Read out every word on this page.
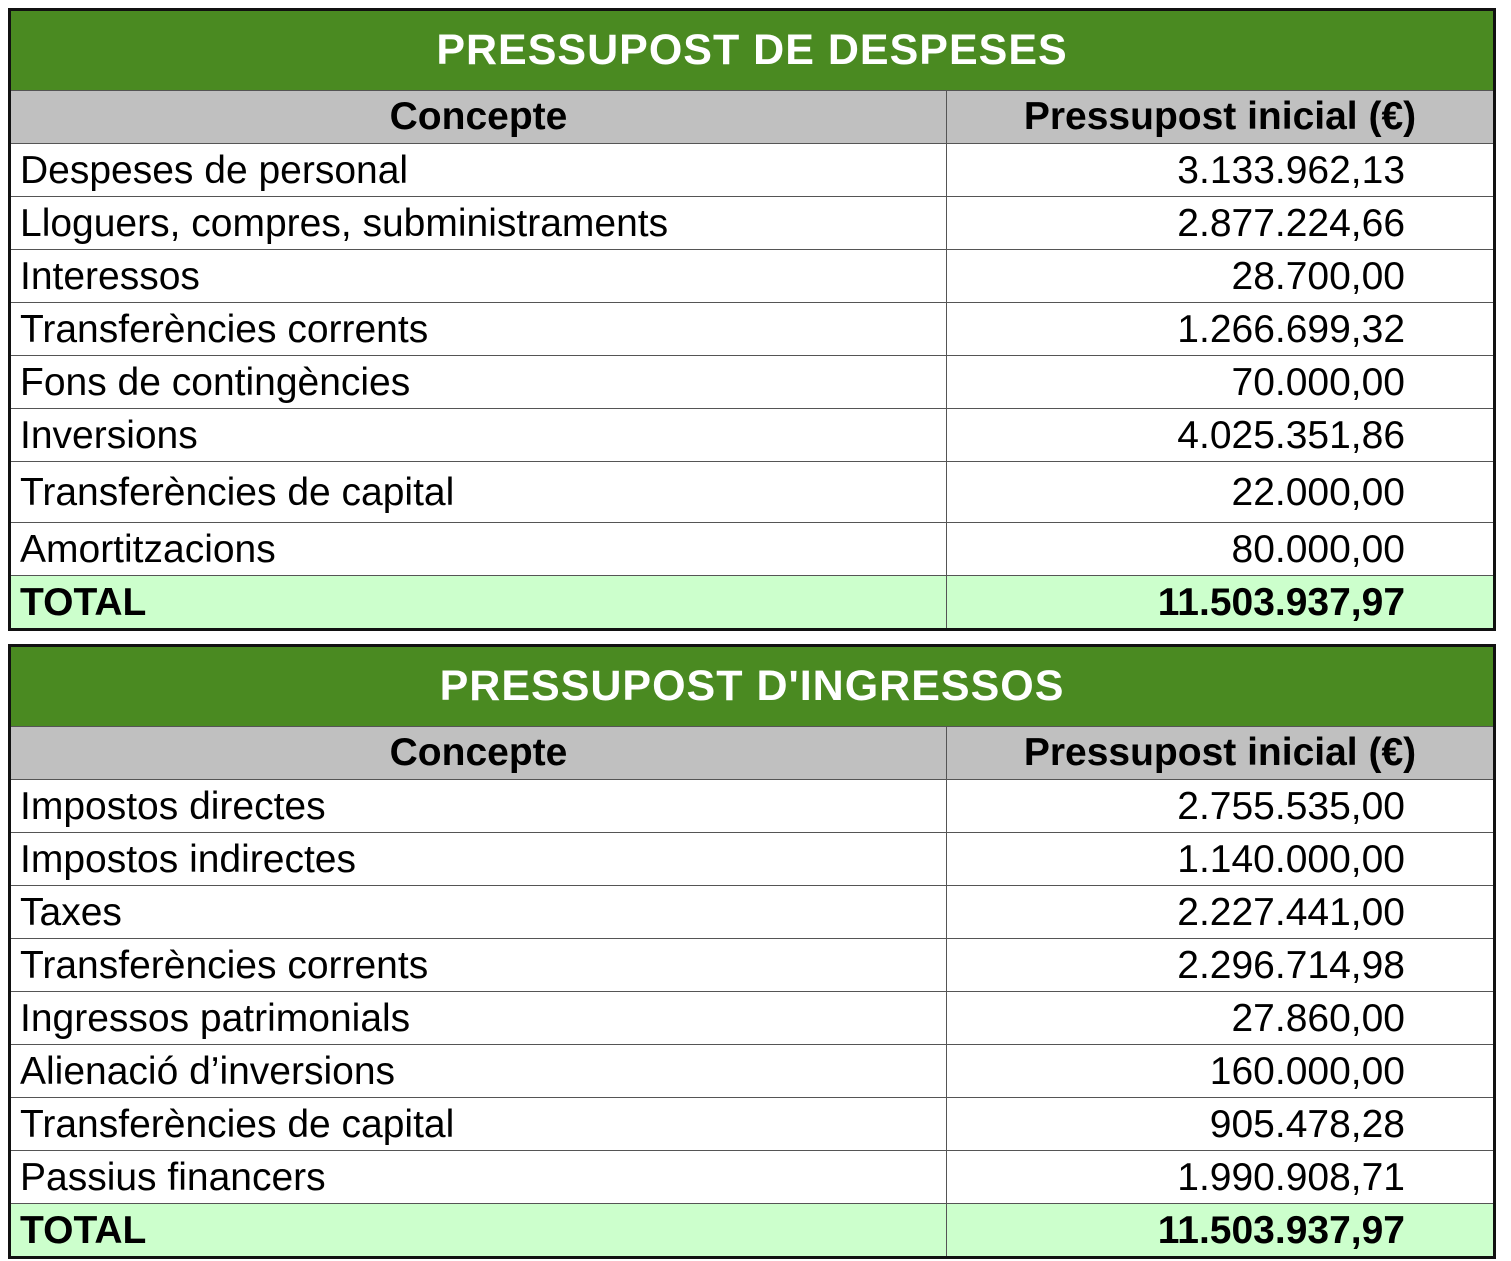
PRESSUPOST DE DESPESES	
Concepte	Pressupost inicial (€)
Despeses de personal	3.133.962,13
Lloguers, compres, subministraments	2.877.224,66
Interessos	28.700,00
Transferències corrents	1.266.699,32
Fons de contingències	70.000,00
Inversions	4.025.351,86
Transferències de capital	22.000,00
Amortitzacions	80.000,00
TOTAL	11.503.937,97
PRESSUPOST D'INGRESSOS	
Concepte	Pressupost inicial (€)
Impostos directes	2.755.535,00
Impostos indirectes	1.140.000,00
Taxes	2.227.441,00
Transferències corrents	2.296.714,98
Ingressos patrimonials	27.860,00
Alienació d’inversions	160.000,00
Transferències de capital	905.478,28
Passius financers	1.990.908,71
TOTAL	11.503.937,97
